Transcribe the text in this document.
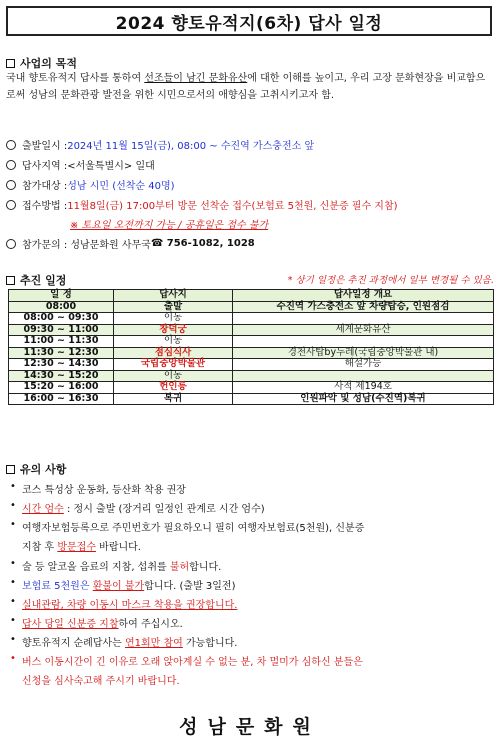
2024 향토유적지(6차) 답사 일정
사업의 목적
국내 향토유적지 답사를 통하여 선조들이 남긴 문화유산에 대한 이해를 높이고, 우리 고장 문화현장을 비교함으로써 성남의 문화관광 발전을 위한 시민으로서의 애향심을 고취시키고자 함.
출발일시 : 2024년 11월 15일(금), 08:00 ~ 수진역 가스충전소 앞
답사지역 : <서울특별시> 일대
참가대상 : 성남 시민 (선착순 40명)
접수방법 : 11월8일(금) 17:00부터 방문 선착순 접수(보험료 5천원, 신분증 필수 지참)
※ 토요일 오전까지 가능 / 공휴일은 접수 불가
참가문의 : 성남문화원 사무국 ☎ 756-1082, 1028
추진 일정	* 상기 일정은 추진 과정에서 일부 변경될 수 있음.
일 정	답사지	답사일정 개요
08:00	출발	수진역 가스충전소 앞 차량탑승, 인원점검
08:00 ~ 09:30	이동	
09:30 ~ 11:00	창덕궁	세계문화유산
11:00 ~ 11:30	이동	
11:30 ~ 12:30	점심식사	경천사탑by두레(국립중앙박물관 내)
12:30 ~ 14:30	국립중앙박물관	해설가능
14:30 ~ 15:20	이동	
15:20 ~ 16:00	헌인릉	사적 제194호
16:00 ~ 16:30	복귀	인원파악 및 성남(수진역)복귀
유의 사항
• 코스 특성상 운동화, 등산화 착용 권장
• 시간 엄수 : 정시 출발 (장거리 일정인 관계로 시간 엄수)
• 여행자보험등록으로 주민번호가 필요하오니 필히 여행자보험료(5천원), 신분증
지참 후 방문접수 바랍니다.
• 술 등 알코올 음료의 지참, 섭취를 불허합니다.
• 보험료 5천원은 환불이 불가합니다. (출발 3일전)
• 실내관람, 차량 이동시 마스크 착용을 권장합니다.
• 답사 당일 신분증 지참하여 주십시오.
• 향토유적지 순례답사는 연1회만 참여 가능합니다.
• 버스 이동시간이 긴 이유로 오래 앉아계실 수 없는 분, 차 멀미가 심하신 분들은
신청을 심사숙고해 주시기 바랍니다.
성남문화원
